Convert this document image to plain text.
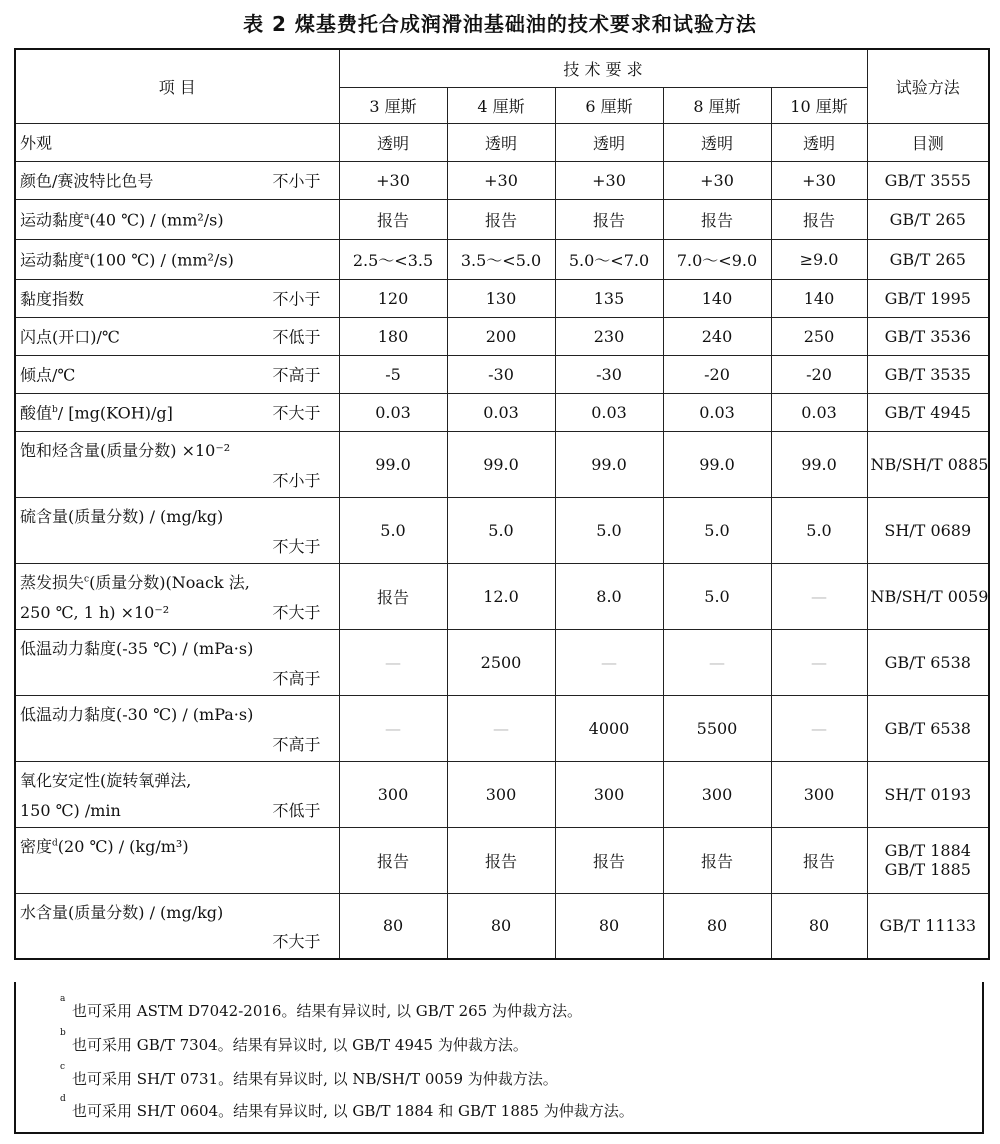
表 2 煤基费托合成润滑油基础油的技术要求和试验方法
项 目	技 术 要 求					试验方法
	3 厘斯	4 厘斯	6 厘斯	8 厘斯	10 厘斯	

外观	透明	透明	透明	透明	透明	目测

颜色/赛波特比色号 不小于	+30	+30	+30	+30	+30	GB/T 3555

运动黏度$^a$(40 ℃) / (mm²/s)	报告	报告	报告	报告	报告	GB/T 265

运动黏度$^a$(100 ℃) / (mm²/s)	2.5～<3.5	3.5～<5.0	5.0～<7.0	7.0～<9.0	≥9.0	GB/T 265

黏度指数 不小于	120	130	135	140	140	GB/T 1995

闪点(开口)/℃ 不低于	180	200	230	240	250	GB/T 3536

倾点/℃ 不高于	-5	-30	-30	-20	-20	GB/T 3535

酸值$^b$/ [mg(KOH)/g] 不大于	0.03	0.03	0.03	0.03	0.03	GB/T 4945

饱和烃含量(质量分数) ×10⁻²
不小于	99.0	99.0	99.0	99.0	99.0	NB/SH/T 0885

硫含量(质量分数) / (mg/kg)
不大于	5.0	5.0	5.0	5.0	5.0	SH/T 0689

蒸发损失$^c$(质量分数)(Noack 法,
250 ℃, 1 h) ×10⁻² 不大于	报告	12.0	8.0	5.0	—	NB/SH/T 0059

低温动力黏度(-35 ℃) / (mPa·s)
不高于	—	2500	—	—	—	GB/T 6538

低温动力黏度(-30 ℃) / (mPa·s)
不高于	—	—	4000	5500	—	GB/T 6538

氧化安定性(旋转氧弹法,
150 ℃) /min 不低于	300	300	300	300	300	SH/T 0193

密度$^d$(20 ℃) / (kg/m³)	报告	报告	报告	报告	报告	GB/T 1884
GB/T 1885

水含量(质量分数) / (mg/kg)
不大于	80	80	80	80	80	GB/T 11133
a
也可采用 ASTM D7042-2016。结果有异议时, 以 GB/T 265 为仲裁方法。
b
也可采用 GB/T 7304。结果有异议时, 以 GB/T 4945 为仲裁方法。
c
也可采用 SH/T 0731。结果有异议时, 以 NB/SH/T 0059 为仲裁方法。
d
也可采用 SH/T 0604。结果有异议时, 以 GB/T 1884 和 GB/T 1885 为仲裁方法。
